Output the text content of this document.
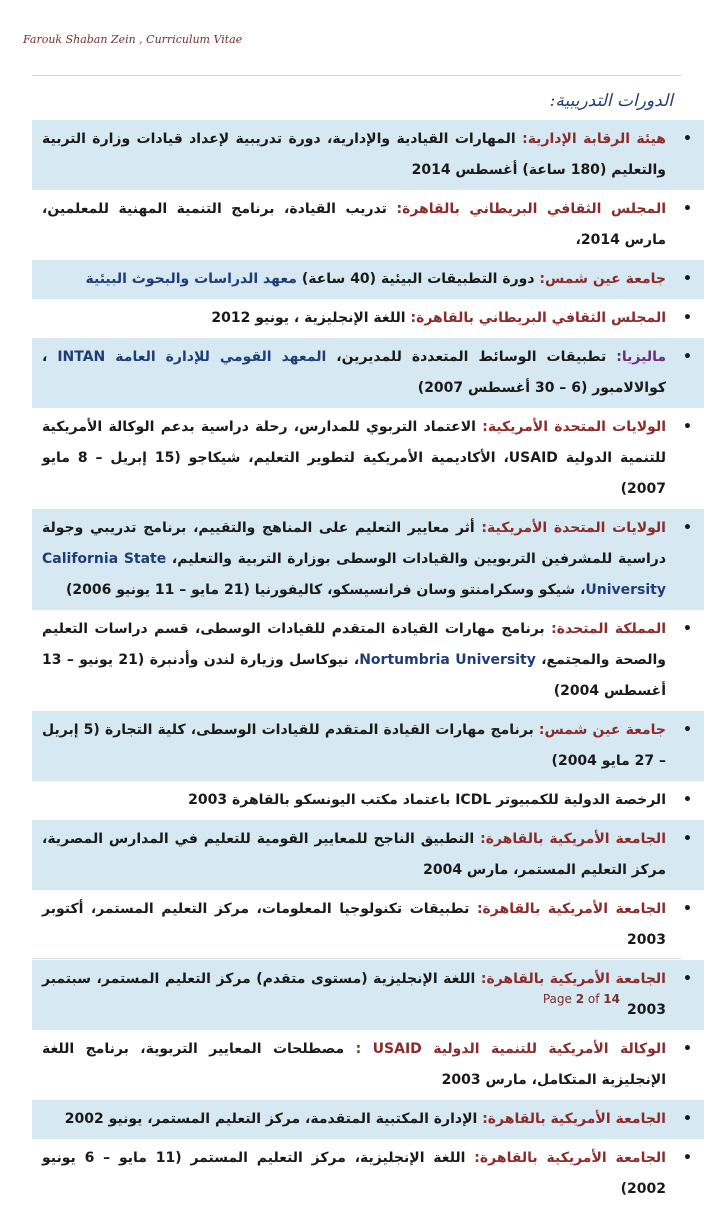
Farouk Shaban Zein , Curriculum Vitae
الدورات التدريبية:
•
هيئة الرقابة الإدارية: المهارات القيادية والإدارية، دورة تدريبية لإعداد قيادات وزارة التربية والتعليم (180 ساعة) أغسطس 2014
•
المجلس الثقافي البريطاني بالقاهرة: تدريب القيادة، برنامج التنمية المهنية للمعلمين، مارس 2014،
•
جامعة عين شمس: دورة التطبيقات البيئية (40 ساعة) معهد الدراسات والبحوث البيئية
•
المجلس الثقافي البريطاني بالقاهرة: اللغة الإنجليزية ، يونيو 2012
•
ماليزيا: تطبيقات الوسائط المتعددة للمديرين، المعهد القومي للإدارة العامة INTAN ، كوالالامبور (6 – 30 أغسطس 2007)
•
الولايات المتحدة الأمريكية: الاعتماد التربوي للمدارس، رحلة دراسية بدعم الوكالة الأمريكية للتنمية الدولية USAID، الأكاديمية الأمريكية لتطوير التعليم، شيكاجو (15 إبريل – 8 مايو 2007)
•
الولايات المتحدة الأمريكية: أثر معايير التعليم على المناهج والتقييم، برنامج تدريبي وجولة دراسية للمشرفين التربويين والقيادات الوسطى بوزارة التربية والتعليم، California State University، شيكو وسكرامنتو وسان فرانسيسكو، كاليفورنيا (21 مايو – 11 يونيو 2006)
•
المملكة المتحدة: برنامج مهارات القيادة المتقدم للقيادات الوسطى، قسم دراسات التعليم والصحة والمجتمع، Nortumbria University، نيوكاسل وزيارة لندن وأدنبرة (21 يونيو – 13 أغسطس 2004)
•
جامعة عين شمس: برنامج مهارات القيادة المتقدم للقيادات الوسطى، كلية التجارة (5 إبريل – 27 مايو 2004)
•
الرخصة الدولية للكمبيوتر ICDL باعتماد مكتب اليونسكو بالقاهرة 2003
•
الجامعة الأمريكية بالقاهرة: التطبيق الناجح للمعايير القومية للتعليم في المدارس المصرية، مركز التعليم المستمر، مارس 2004
•
الجامعة الأمريكية بالقاهرة: تطبيقات تكنولوجيا المعلومات، مركز التعليم المستمر، أكتوبر 2003
•
الجامعة الأمريكية بالقاهرة: اللغة الإنجليزية (مستوى متقدم) مركز التعليم المستمر، سبتمبر 2003
•
الوكالة الأمريكية للتنمية الدولية USAID : مصطلحات المعايير التربوية، برنامج اللغة الإنجليزية المتكامل، مارس 2003
•
الجامعة الأمريكية بالقاهرة: الإدارة المكتبية المتقدمة، مركز التعليم المستمر، يونيو 2002
•
الجامعة الأمريكية بالقاهرة: اللغة الإنجليزية، مركز التعليم المستمر (11 مايو – 6 يونيو 2002)
Page 2 of 14
